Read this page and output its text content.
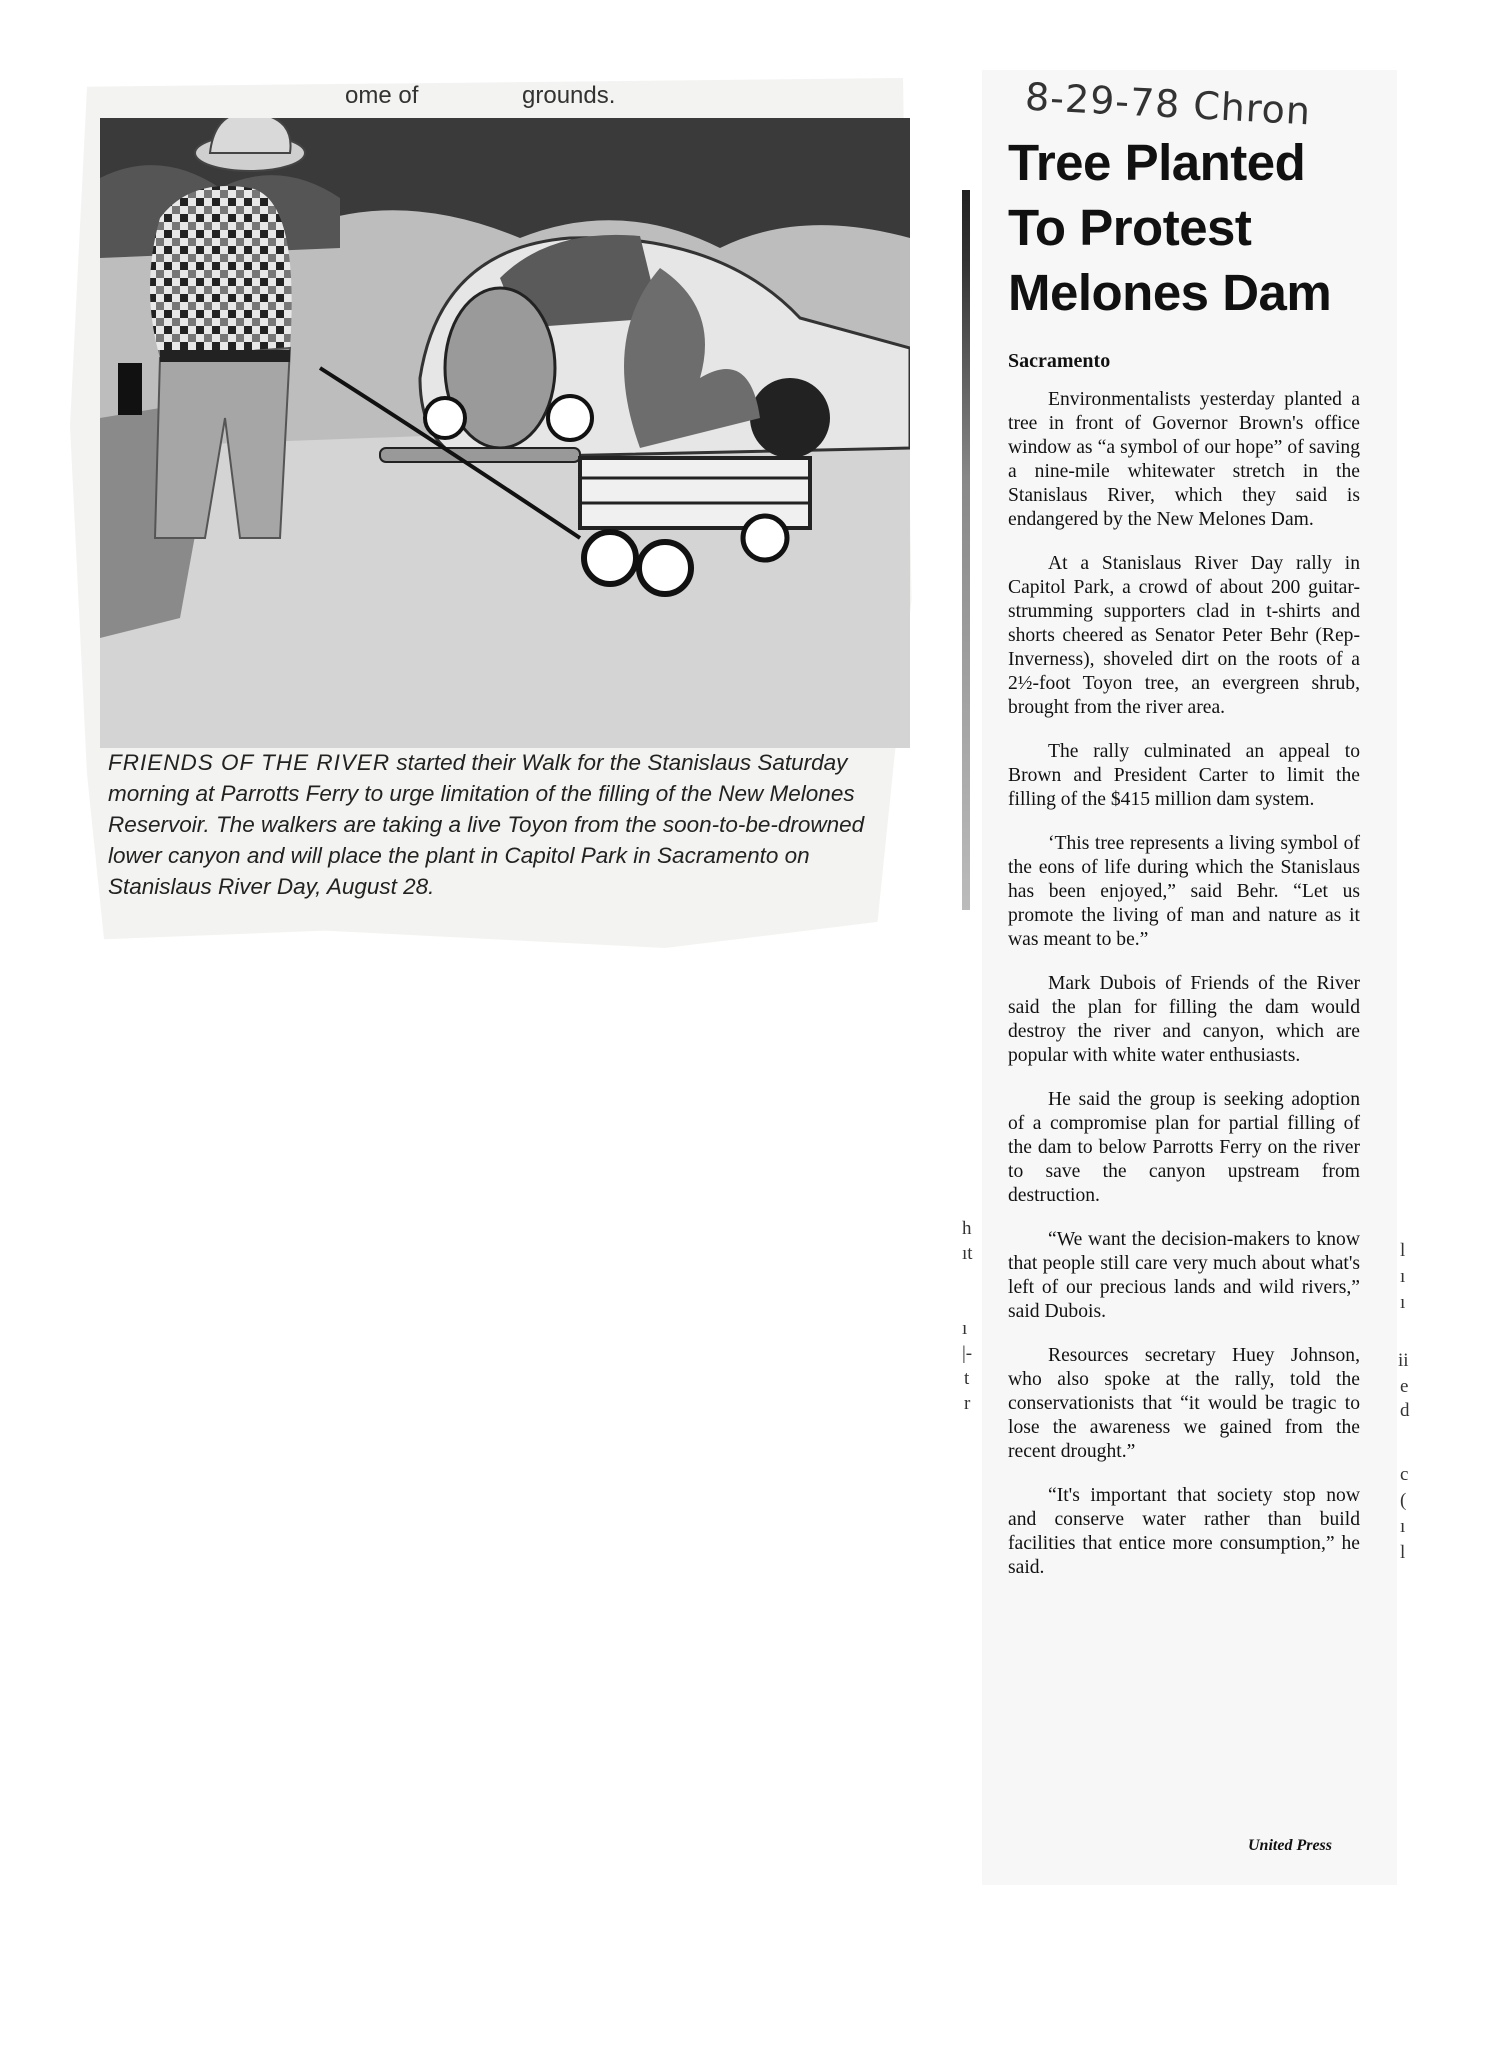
ome of	grounds.
FRIENDS OF THE RIVER started their Walk for the Stanislaus Saturday morning at Parrotts Ferry to urge limitation of the filling of the New Melones Reservoir. The walkers are taking a live Toyon from the soon-to-be-drowned lower canyon and will place the plant in Capitol Park in Sacramento on Stanislaus River Day, August 28.
8-29-78 Chron
Tree Planted
To Protest
Melones Dam
Sacramento

Environmentalists yesterday planted a tree in front of Governor Brown's office window as “a symbol of our hope” of saving a nine-mile whitewater stretch in the Stanislaus River, which they said is endangered by the New Melones Dam.

At a Stanislaus River Day rally in Capitol Park, a crowd of about 200 guitar-strumming supporters clad in t-shirts and shorts cheered as Senator Peter Behr (Rep-Inverness), shoveled dirt on the roots of a 2½-foot Toyon tree, an evergreen shrub, brought from the river area.

The rally culminated an appeal to Brown and President Carter to limit the filling of the $415 million dam system.

‘This tree represents a living symbol of the eons of life during which the Stanislaus has been enjoyed,” said Behr. “Let us promote the living of man and nature as it was meant to be.”

Mark Dubois of Friends of the River said the plan for filling the dam would destroy the river and canyon, which are popular with white water enthusiasts.

He said the group is seeking adoption of a compromise plan for partial filling of the dam to below Parrotts Ferry on the river to save the canyon upstream from destruction.

“We want the decision-makers to know that people still care very much about what's left of our precious lands and wild rivers,” said Dubois.

Resources secretary Huey Johnson, who also spoke at the rally, told the conservationists that “it would be tragic to lose the awareness we gained from the recent drought.”

“It's important that society stop now and conserve water rather than build facilities that entice more consumption,” he said.

United Press
h
ıt
ı
|-
t
r
l
ı
ı
ii
e
d
c
(
ı
l
